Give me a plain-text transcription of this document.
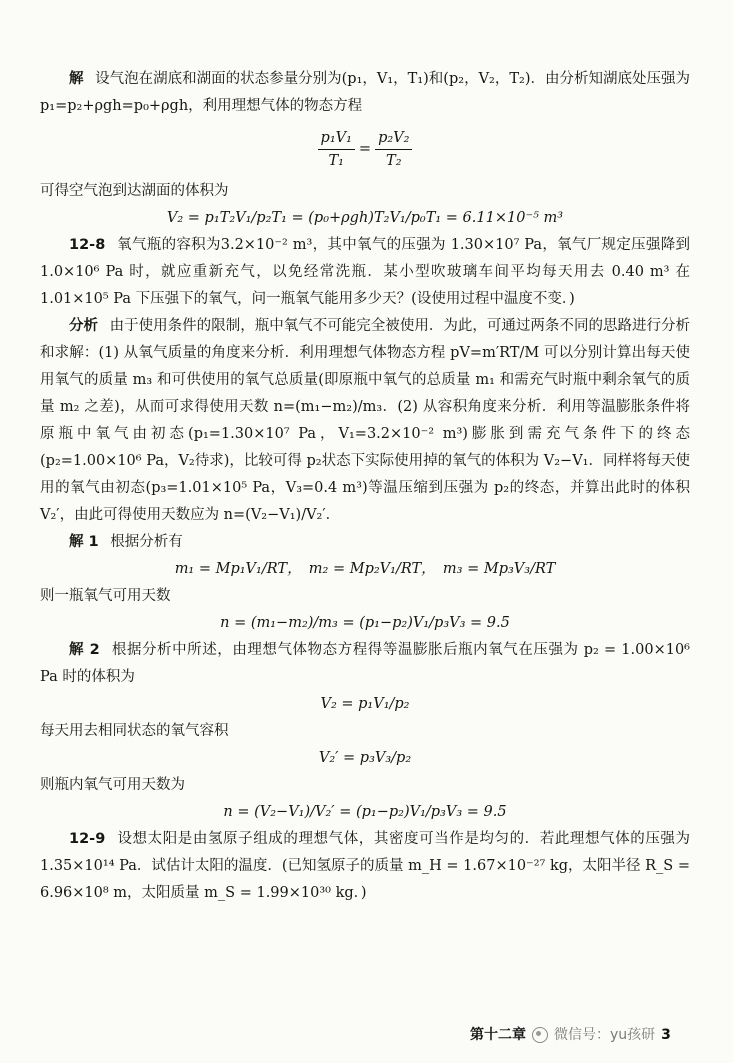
解 设气泡在湖底和湖面的状态参量分别为(p₁，V₁，T₁)和(p₂，V₂，T₂)．由分析知湖底处压强为 p₁=p₂+ρgh=p₀+ρgh，利用理想气体的物态方程

$\frac{\text{p₁V₁}}{\text{T₁}} = \frac{\text{p₂V₂}}{\text{T₂}}$

可得空气泡到达湖面的体积为

V₂ = p₁T₂V₁/p₂T₁ = (p₀+ρgh)T₂V₁/p₀T₁ = 6.11×10⁻⁵ m³

12-8 氧气瓶的容积为3.2×10⁻² m³，其中氧气的压强为 1.30×10⁷ Pa，氧气厂规定压强降到 1.0×10⁶ Pa 时，就应重新充气，以免经常洗瓶．某小型吹玻璃车间平均每天用去 0.40 m³ 在 1.01×10⁵ Pa 下压强下的氧气，问一瓶氧气能用多少天？(设使用过程中温度不变．)

分析 由于使用条件的限制，瓶中氧气不可能完全被使用．为此，可通过两条不同的思路进行分析和求解：(1) 从氧气质量的角度来分析．利用理想气体物态方程 pV=m′RT/M 可以分别计算出每天使用氧气的质量 m₃ 和可供使用的氧气总质量(即原瓶中氧气的总质量 m₁ 和需充气时瓶中剩余氧气的质量 m₂ 之差)，从而可求得使用天数 n=(m₁−m₂)/m₃．(2) 从容积角度来分析．利用等温膨胀条件将原瓶中氧气由初态(p₁=1.30×10⁷ Pa，V₁=3.2×10⁻² m³)膨胀到需充气条件下的终态(p₂=1.00×10⁶ Pa，V₂待求)，比较可得 p₂状态下实际使用掉的氧气的体积为 V₂−V₁．同样将每天使用的氧气由初态(p₃=1.01×10⁵ Pa，V₃=0.4 m³)等温压缩到压强为 p₂的终态，并算出此时的体积 V₂′，由此可得使用天数应为 n=(V₂−V₁)/V₂′．

解 1 根据分析有

m₁ = Mp₁V₁/RT，　m₂ = Mp₂V₁/RT，　m₃ = Mp₃V₃/RT

则一瓶氧气可用天数

n = (m₁−m₂)/m₃ = (p₁−p₂)V₁/p₃V₃ = 9.5

解 2 根据分析中所述，由理想气体物态方程得等温膨胀后瓶内氧气在压强为 p₂ = 1.00×10⁶ Pa 时的体积为

V₂ = p₁V₁/p₂

每天用去相同状态的氧气容积

V₂′ = p₃V₃/p₂

则瓶内氧气可用天数为

n = (V₂−V₁)/V₂′ = (p₁−p₂)V₁/p₃V₃ = 9.5

12-9 设想太阳是由氢原子组成的理想气体，其密度可当作是均匀的．若此理想气体的压强为 1.35×10¹⁴ Pa．试估计太阳的温度．(已知氢原子的质量 m_H = 1.67×10⁻²⁷ kg，太阳半径 R_S = 6.96×10⁸ m，太阳质量 m_S = 1.99×10³⁰ kg．)

第十二章 微信号：yu孩研 3
